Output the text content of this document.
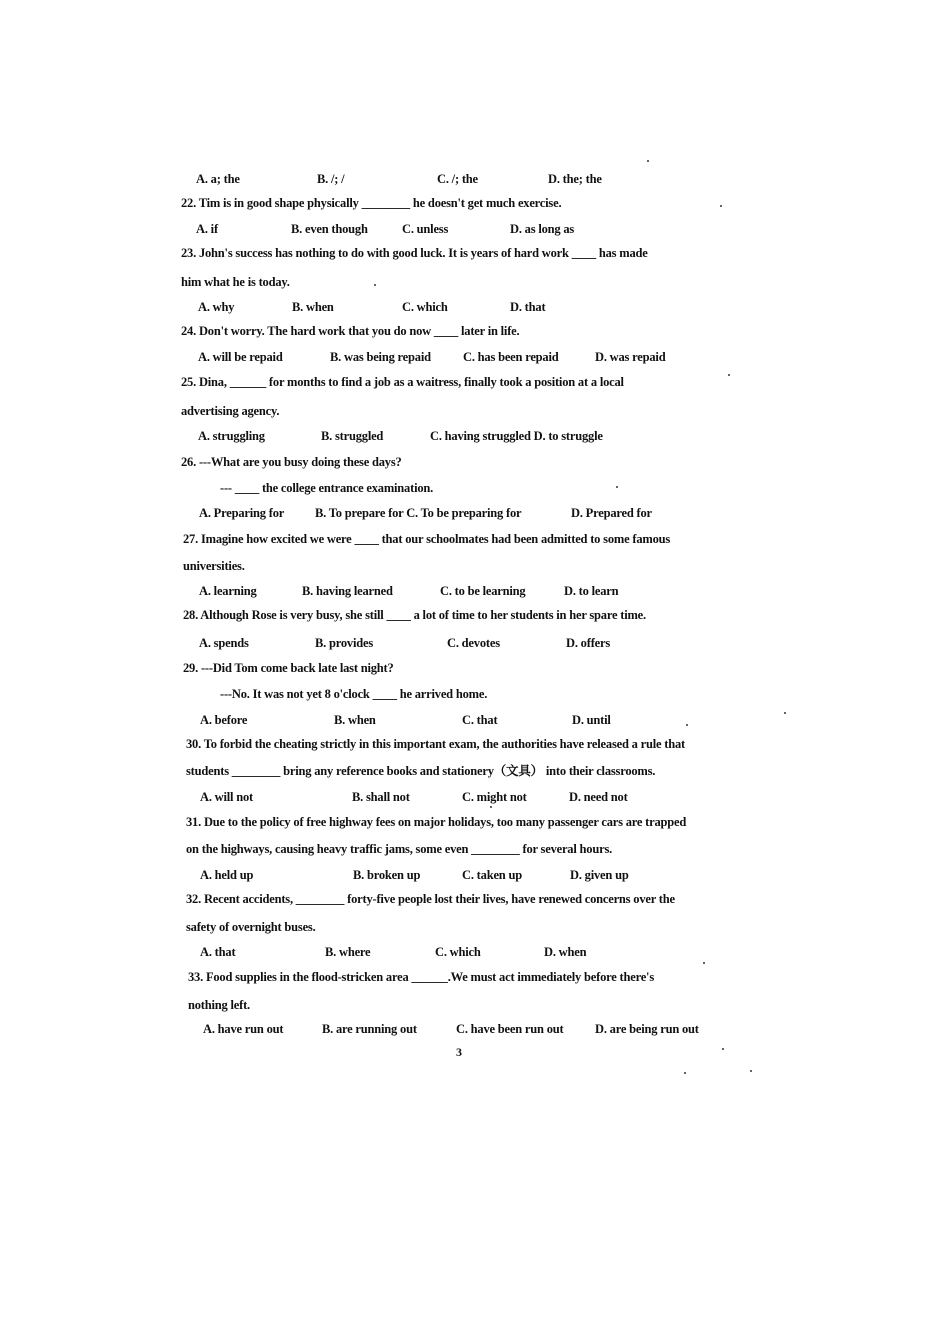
3
A. a; the	B. /; /	C. /; the	D. the; the
22. Tim is in good shape physically ________ he doesn't get much exercise.
A. if	B. even though	C. unless	D. as long as
23. John's success has nothing to do with good luck. It is years of hard work ____ has made
him what he is today.
A. why	B. when	C. which	D. that
24. Don't worry. The hard work that you do now ____ later in life.
A. will be repaid	B. was being repaid	C. has been repaid	D. was repaid
25. Dina, ______ for months to find a job as a waitress, finally took a position at a local
advertising agency.
A. struggling	B. struggled	C. having struggled D. to struggle
26. ---What are you busy doing these days?
--- ____ the college entrance examination.
A. Preparing for B. To prepare for C. To be preparing for	D. Prepared for
27. Imagine how excited we were ____ that our schoolmates had been admitted to some famous
universities.
A. learning	B. having learned	C. to be learning	D. to learn
28. Although Rose is very busy, she still ____ a lot of time to her students in her spare time.
A. spends	B. provides	C. devotes	D. offers
29. ---Did Tom come back late last night?
---No. It was not yet 8 o'clock ____ he arrived home.
A. before	B. when	C. that	D. until
30. To forbid the cheating strictly in this important exam, the authorities have released a rule that
students ________ bring any reference books and stationery（文具） into their classrooms.
A. will not	B. shall not	C. might not	D. need not
31. Due to the policy of free highway fees on major holidays, too many passenger cars are trapped
on the highways, causing heavy traffic jams, some even ________ for several hours.
A. held up	B. broken up	C. taken up	D. given up
32. Recent accidents, ________ forty-five people lost their lives, have renewed concerns over the
safety of overnight buses.
A. that	B. where	C. which	D. when
33. Food supplies in the flood-stricken area ______.We must act immediately before there's
nothing left.
A. have run out	B. are running out	C. have been run out	D. are being run out
